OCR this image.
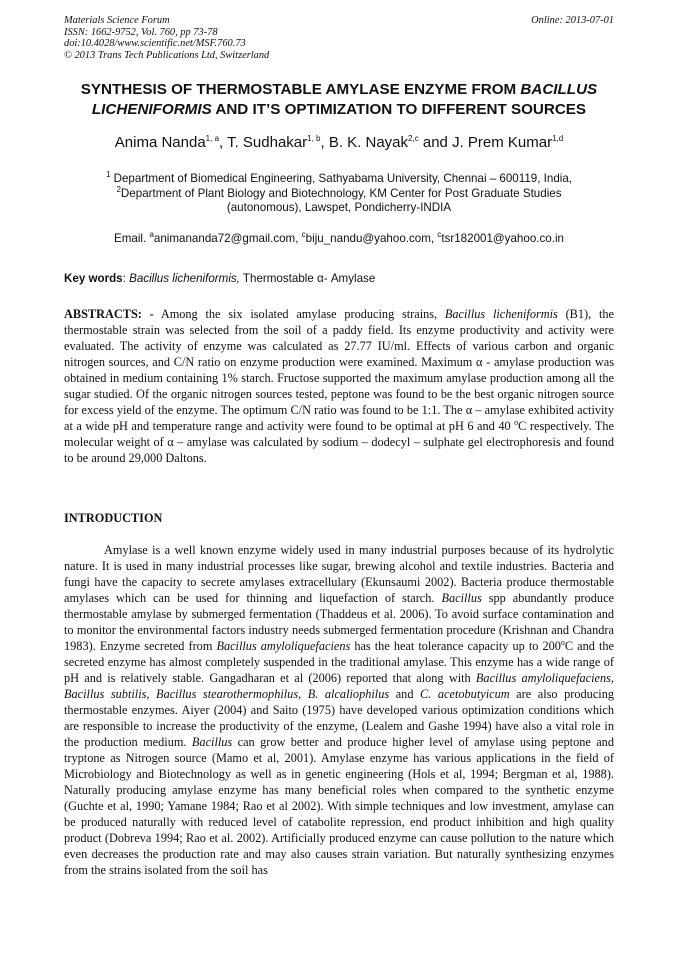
Materials Science Forum
ISSN: 1662-9752, Vol. 760, pp 73-78
doi:10.4028/www.scientific.net/MSF.760.73
© 2013 Trans Tech Publications Ltd, Switzerland
Online: 2013-07-01
SYNTHESIS OF THERMOSTABLE AMYLASE ENZYME FROM BACILLUS
LICHENIFORMIS AND IT’S OPTIMIZATION TO DIFFERENT SOURCES
Anima Nanda$^{1, a}$, T. Sudhakar$^{1, b}$, B. K. Nayak$^{2,c}$ and J. Prem Kumar$^{1,d}$
$^1$ Department of Biomedical Engineering, Sathyabama University, Chennai – 600119, India,
$^2$Department of Plant Biology and Biotechnology, KM Center for Post Graduate Studies
(autonomous), Lawspet, Pondicherry-INDIA
Email. $^a$animananda72@gmail.com, $^c$biju_nandu@yahoo.com, $^c$tsr182001@yahoo.co.in
Key words: Bacillus licheniformis, Thermostable α- Amylase
ABSTRACTS: - Among the six isolated amylase producing strains, Bacillus licheniformis (B1), the thermostable strain was selected from the soil of a paddy field. Its enzyme productivity and activity were evaluated. The activity of enzyme was calculated as 27.77 IU/ml. Effects of various carbon and organic nitrogen sources, and C/N ratio on enzyme production were examined. Maximum α - amylase production was obtained in medium containing 1% starch. Fructose supported the maximum amylase production among all the sugar studied. Of the organic nitrogen sources tested, peptone was found to be the best organic nitrogen source for excess yield of the enzyme. The optimum C/N ratio was found to be 1:1. The α – amylase exhibited activity at a wide pH and temperature range and activity were found to be optimal at pH 6 and 40 $^o$C respectively. The molecular weight of α – amylase was calculated by sodium – dodecyl – sulphate gel electrophoresis and found to be around 29,000 Daltons.
INTRODUCTION
Amylase is a well known enzyme widely used in many industrial purposes because of its hydrolytic nature. It is used in many industrial processes like sugar, brewing alcohol and textile industries. Bacteria and fungi have the capacity to secrete amylases extracellulary (Ekunsaumi 2002). Bacteria produce thermostable amylases which can be used for thinning and liquefaction of starch. Bacillus spp abundantly produce thermostable amylase by submerged fermentation (Thaddeus et al. 2006). To avoid surface contamination and to monitor the environmental factors industry needs submerged fermentation procedure (Krishnan and Chandra 1983). Enzyme secreted from Bacillus amyloliquefaciens has the heat tolerance capacity up to 200$^o$C and the secreted enzyme has almost completely suspended in the traditional amylase. This enzyme has a wide range of pH and is relatively stable. Gangadharan et al (2006) reported that along with Bacillus amyloliquefaciens, Bacillus subtilis, Bacillus stearothermophilus, B. alcaliophilus and C. acetobutyicum are also producing thermostable enzymes. Aiyer (2004) and Saito (1975) have developed various optimization conditions which are responsible to increase the productivity of the enzyme, (Lealem and Gashe 1994) have also a vital role in the production medium. Bacillus can grow better and produce higher level of amylase using peptone and tryptone as Nitrogen source (Mamo et al, 2001). Amylase enzyme has various applications in the field of Microbiology and Biotechnology as well as in genetic engineering (Hols et al, 1994; Bergman et al, 1988). Naturally producing amylase enzyme has many beneficial roles when compared to the synthetic enzyme (Guchte et al, 1990; Yamane 1984; Rao et al 2002). With simple techniques and low investment, amylase can be produced naturally with reduced level of catabolite repression, end product inhibition and high quality product (Dobreva 1994; Rao et al. 2002). Artificially produced enzyme can cause pollution to the nature which even decreases the production rate and may also causes strain variation. But naturally synthesizing enzymes from the strains isolated from the soil has
